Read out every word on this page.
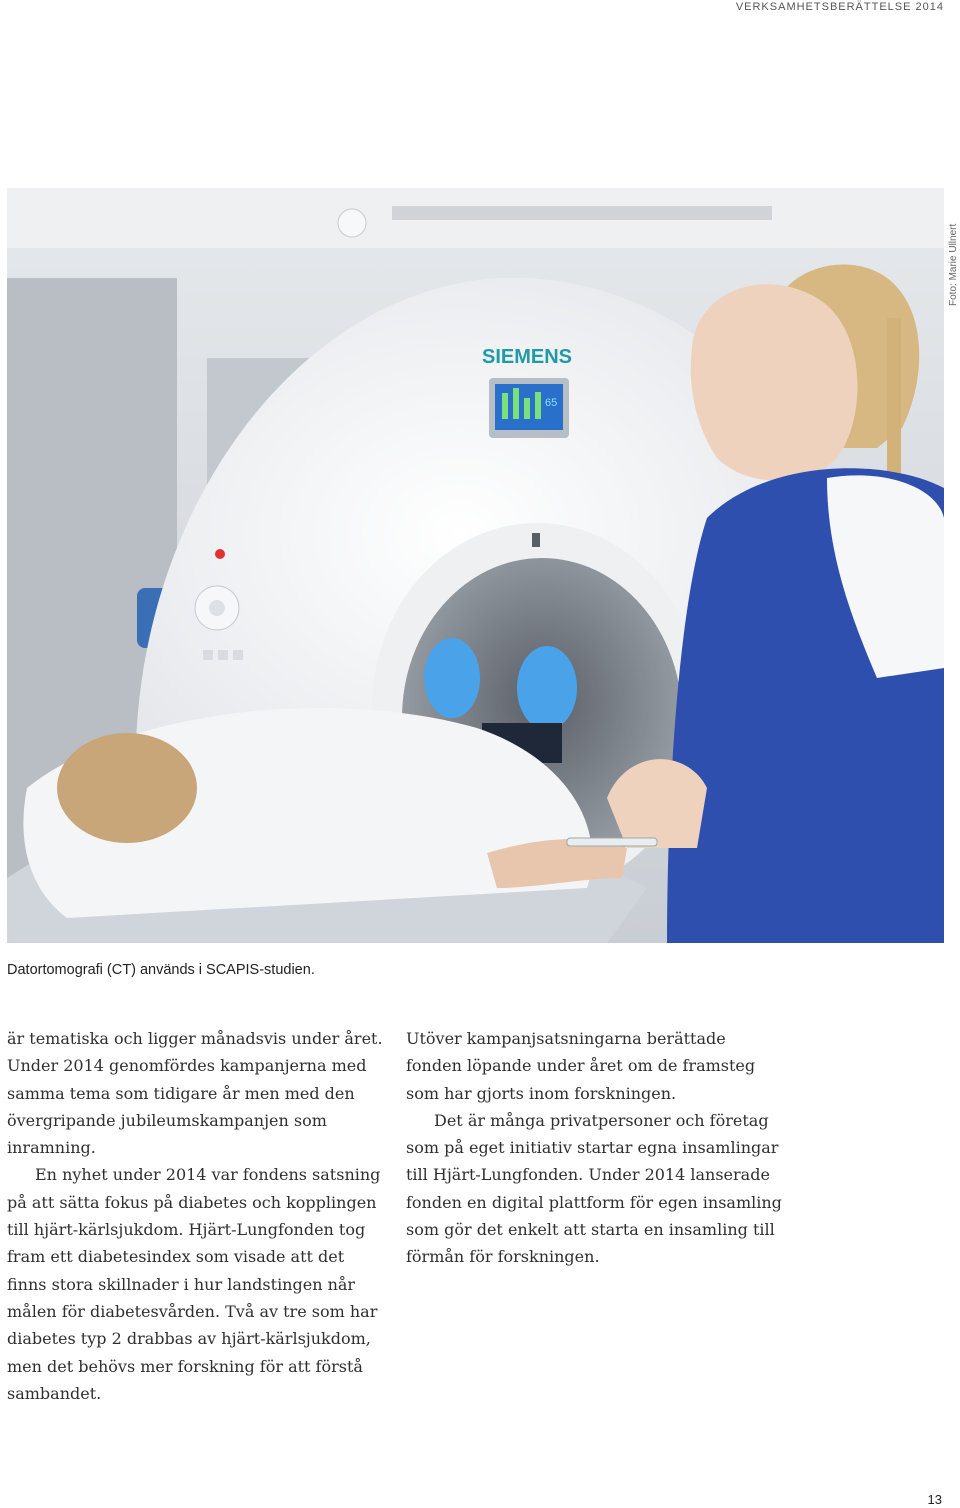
VERKSAMHETSBERÄTTELSE 2014
SIEMENS
65
Foto: Marie Ullnert
Datortomografi (CT) används i SCAPIS-studien.

är tematiska och ligger månadsvis under året. Under 2014 genomfördes kampanjerna med samma tema som tidigare år men med den övergripande jubileumskampanjen som inramning.

En nyhet under 2014 var fondens satsning på att sätta fokus på diabetes och kopplingen till hjärt-kärlsjukdom. Hjärt-Lungfonden tog fram ett diabetesindex som visade att det finns stora skillnader i hur landstingen når målen för diabetesvården. Två av tre som har diabetes typ 2 drabbas av hjärt-kärlsjukdom, men det behövs mer forskning för att förstå sambandet.

Utöver kampanjsatsningarna berättade fonden löpande under året om de framsteg som har gjorts inom forskningen.

Det är många privatpersoner och företag som på eget initiativ startar egna insamlingar till Hjärt-Lungfonden. Under 2014 lanserade fonden en digital plattform för egen insamling som gör det enkelt att starta en insamling till förmån för forskningen.

13
